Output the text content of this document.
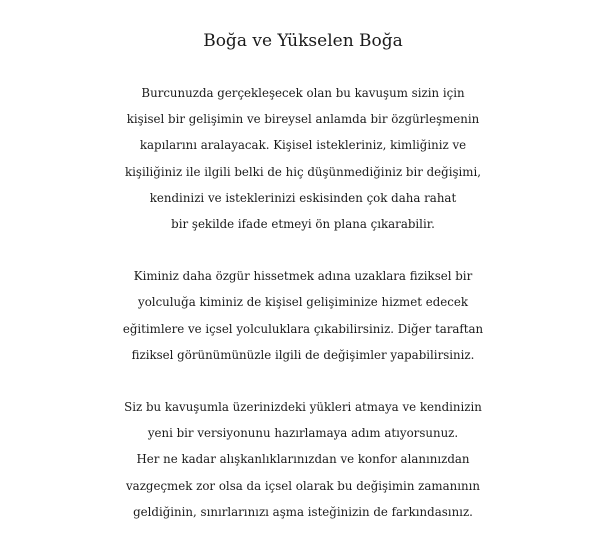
Boğa ve Yükselen Boğa

Burcunuzda gerçekleşecek olan bu kavuşum sizin için
kişisel bir gelişimin ve bireysel anlamda bir özgürleşmenin
kapılarını aralayacak. Kişisel istekleriniz, kimliğiniz ve
kişiliğiniz ile ilgili belki de hiç düşünmediğiniz bir değişimi,
kendinizi ve isteklerinizi eskisinden çok daha rahat
bir şekilde ifade etmeyi ön plana çıkarabilir.

Kiminiz daha özgür hissetmek adına uzaklara fiziksel bir
yolculuğa kiminiz de kişisel gelişiminize hizmet edecek
eğitimlere ve içsel yolculuklara çıkabilirsiniz. Diğer taraftan
fiziksel görünümünüzle ilgili de değişimler yapabilirsiniz.

Siz bu kavuşumla üzerinizdeki yükleri atmaya ve kendinizin
yeni bir versiyonunu hazırlamaya adım atıyorsunuz.
Her ne kadar alışkanlıklarınızdan ve konfor alanınızdan
vazgeçmek zor olsa da içsel olarak bu değişimin zamanının
geldiğinin, sınırlarınızı aşma isteğinizin de farkındasınız.
